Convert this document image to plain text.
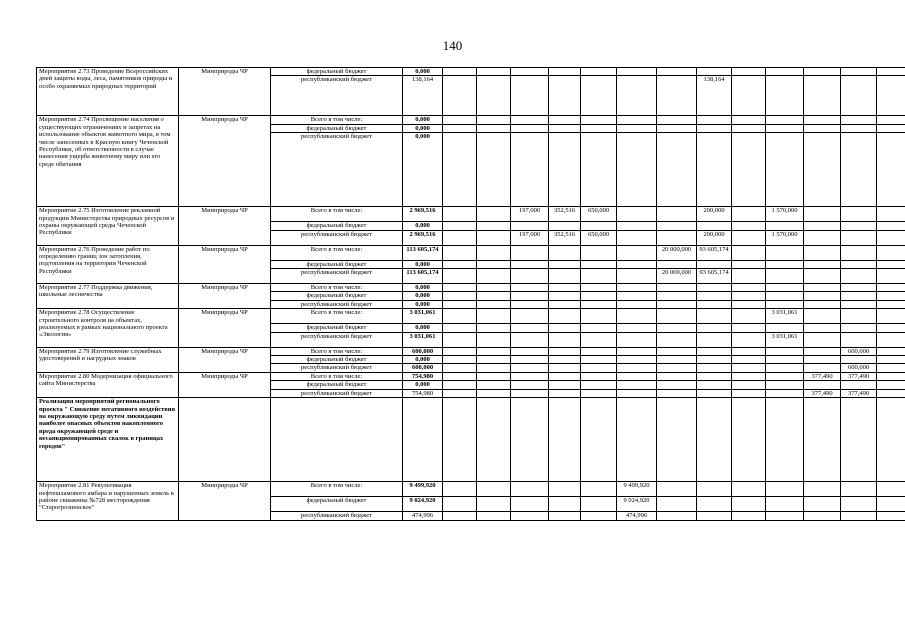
140
Мероприятие 2.73 Проведение Всероссийских дней защиты воды, леса, памятников природы и особо охраняемых природных территорий	Минприроды ЧР	федеральный бюджет	0,000													
		республиканский бюджет	138,164								138,164					
Мероприятие 2.74 Просвещение населения о существующих ограничениях и запретах на использование объектов животного мира, в том числе занесенных в Красную книгу Чеченской Республики, об ответственности в случае нанесения ущерба животному миру или его среде обитания	Минприроды ЧР	Всего в том числе:	0,000													
		федеральный бюджет	0,000													
		республиканский бюджет	0,000													
Мероприятие 2.75 Изготовление рекламной продукции Министерства природных ресурсов и охраны окружающей среды Чеченской Республики	Минприроды ЧР	Всего в том числе:	2 969,516			197,000	352,516	650,000			200,000		1 570,000			
		федеральный бюджет	0,000													
		республиканский бюджет	2 969,516			197,000	352,516	650,000			200,000		1 570,000			
Мероприятие 2.76 Проведение работ по определению границ зон затопления, подтопления на территории Чеченской Республики	Минприроды ЧР	Всего в том числе:	113 605,174							20 000,000	93 605,174					
		федеральный бюджет	0,000													
		республиканский бюджет	113 605,174							20 000,000	93 605,174					
Мероприятие 2.77 Поддержка движения, школьные лесничества	Минприроды ЧР	Всего в том числе:	0,000													
		федеральный бюджет	0,000													
		республиканский бюджет	0,000													
Мероприятие 2.78 Осуществление строительного контроля на объектах, реализуемых в рамках национального проекта «Экология»	Минприроды ЧР	Всего в том числе:	3 031,061										3 031,061			
		федеральный бюджет	0,000													
		республиканский бюджет	3 031,061										3 031,061			
Мероприятие 2.79 Изготовление служебных удостоверений и нагрудных знаков	Минприроды ЧР	Всего в том числе:	600,000												600,000	
		федеральный бюджет	0,000													
		республиканский бюджет	600,000												600,000	
Мероприятие 2.80 Модернизация официального сайта Министерства	Минприроды ЧР	Всего в том числе:	754,980											377,490	377,490	
		федеральный бюджет	0,000													
		республиканский бюджет	754,980											377,490	377,490	
Реализация мероприятий регионального проекта " Снижение негативного воздействия на окружающую среду путем ликвидации наиболее опасных объектов накопленного вреда окружающей среде и несанкционированных свалок в границах городов"																
Мероприятие 2.81 Рекультивация нефтешламового амбара и нарушенных земель в районе скважины №728 месторождения "Старогрозненское"	Минприроды ЧР	Всего в том числе:	9 499,920						9 499,920							
		федеральный бюджет	9 024,920						9 024,920							
		республиканский бюджет	474,996						474,996							
